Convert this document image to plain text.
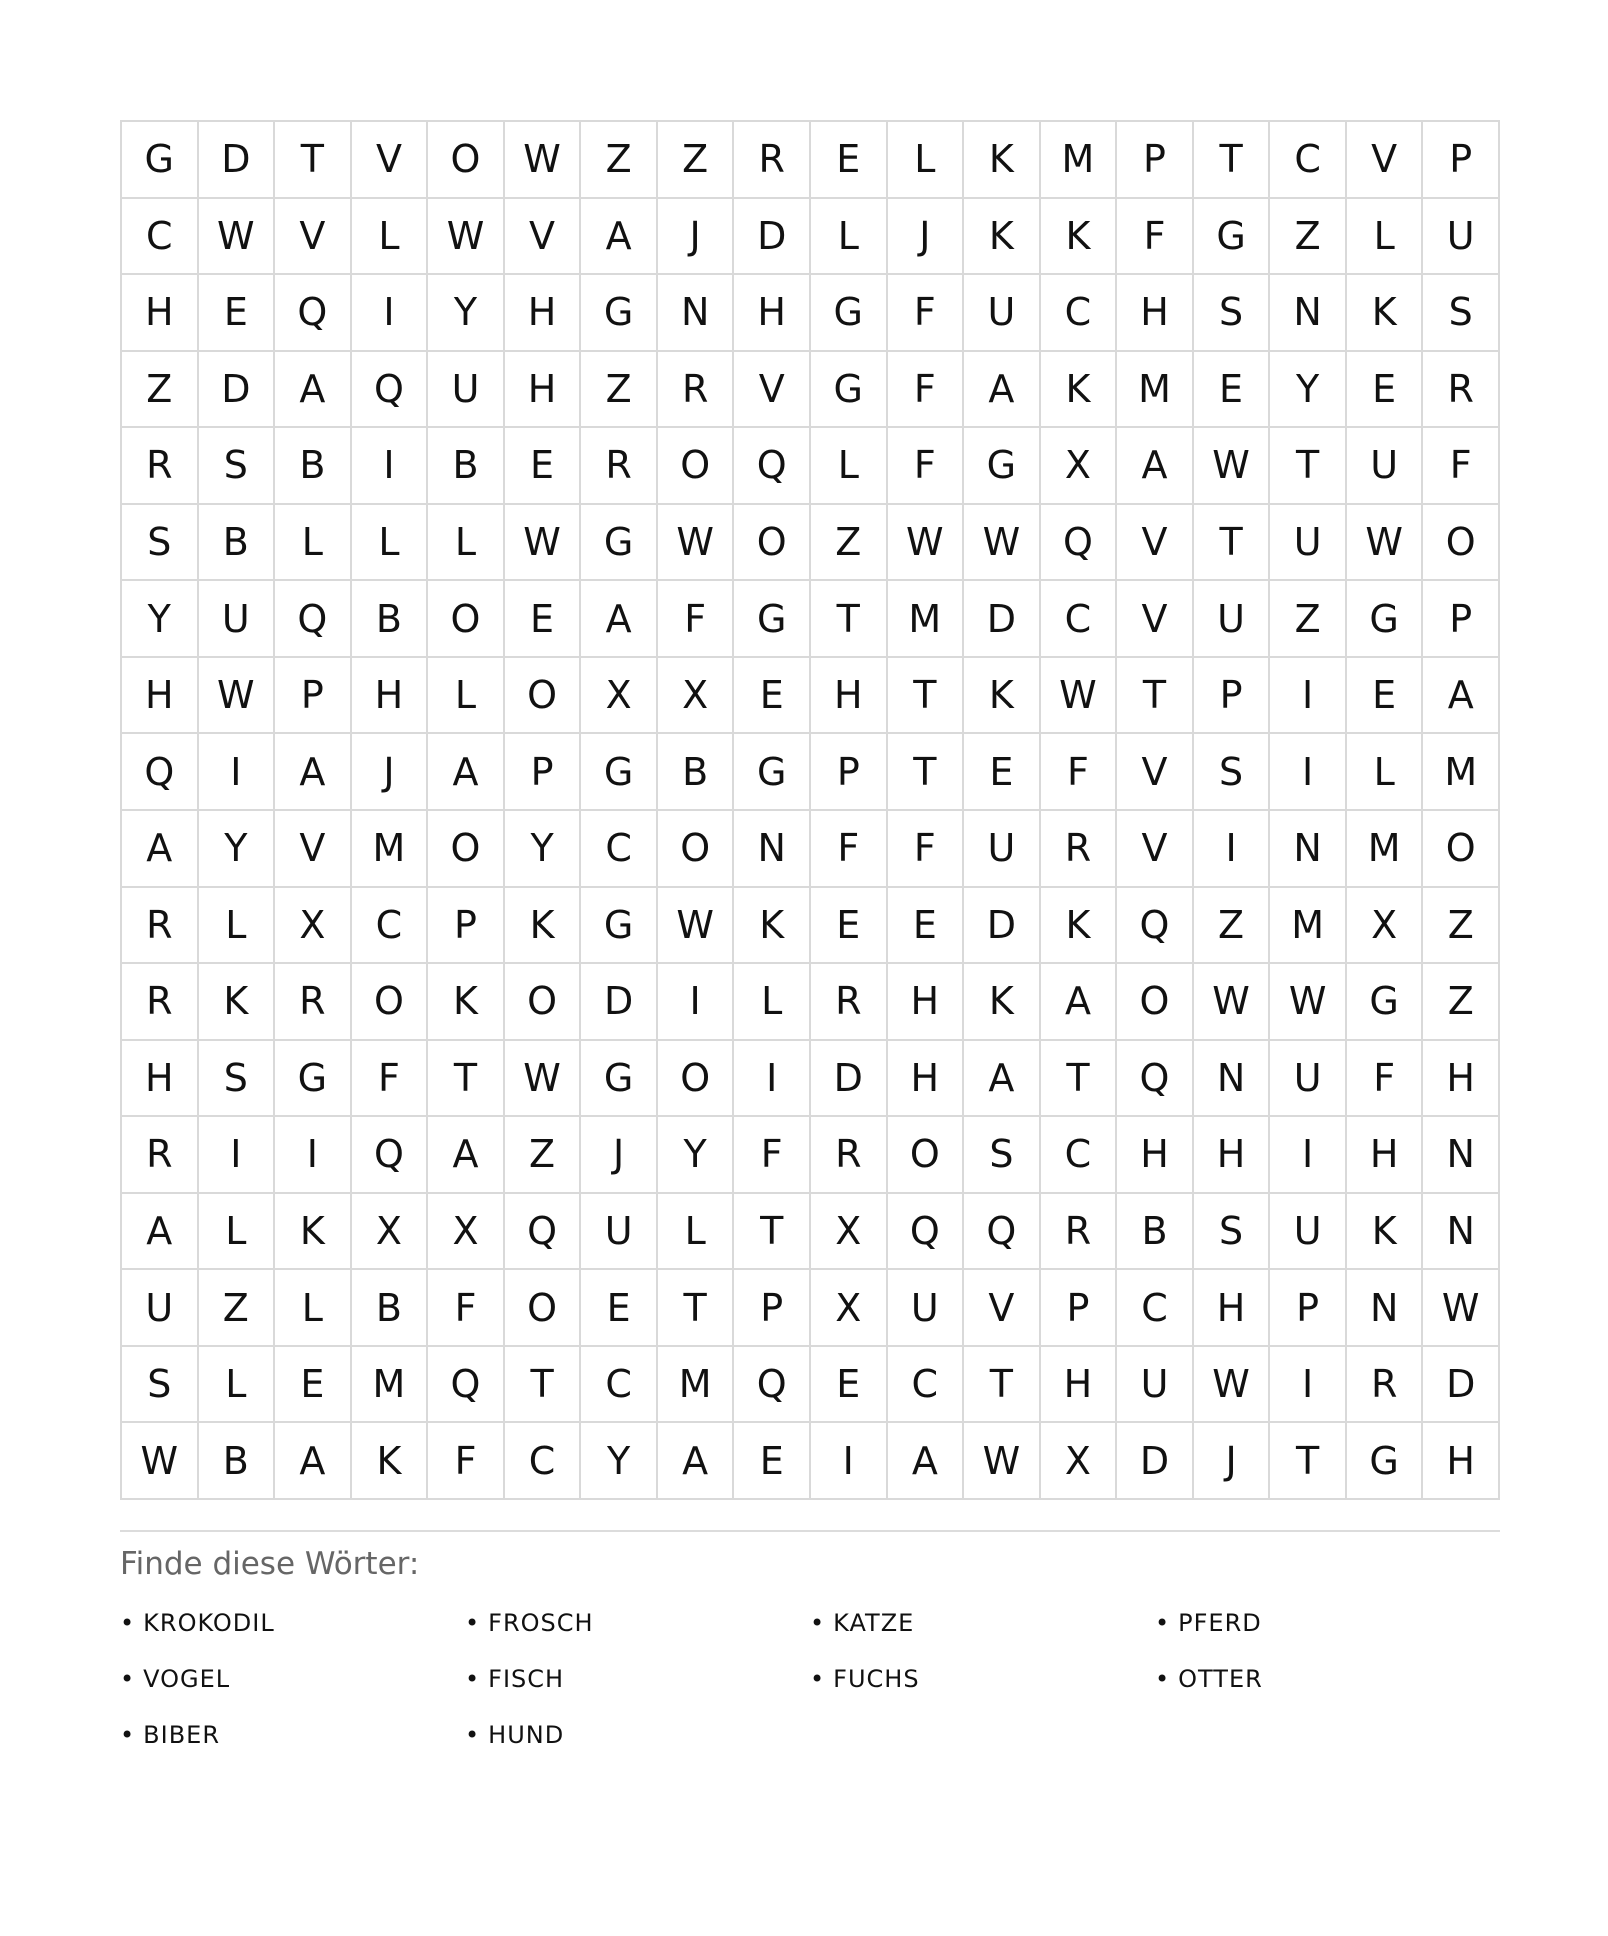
G	D	T	V	O	W	Z	Z	R	E	L	K	M	P	T	C	V	P
C	W	V	L	W	V	A	J	D	L	J	K	K	F	G	Z	L	U
H	E	Q	I	Y	H	G	N	H	G	F	U	C	H	S	N	K	S
Z	D	A	Q	U	H	Z	R	V	G	F	A	K	M	E	Y	E	R
R	S	B	I	B	E	R	O	Q	L	F	G	X	A	W	T	U	F
S	B	L	L	L	W	G	W	O	Z	W	W	Q	V	T	U	W	O
Y	U	Q	B	O	E	A	F	G	T	M	D	C	V	U	Z	G	P
H	W	P	H	L	O	X	X	E	H	T	K	W	T	P	I	E	A
Q	I	A	J	A	P	G	B	G	P	T	E	F	V	S	I	L	M
A	Y	V	M	O	Y	C	O	N	F	F	U	R	V	I	N	M	O
R	L	X	C	P	K	G	W	K	E	E	D	K	Q	Z	M	X	Z
R	K	R	O	K	O	D	I	L	R	H	K	A	O	W	W	G	Z
H	S	G	F	T	W	G	O	I	D	H	A	T	Q	N	U	F	H
R	I	I	Q	A	Z	J	Y	F	R	O	S	C	H	H	I	H	N
A	L	K	X	X	Q	U	L	T	X	Q	Q	R	B	S	U	K	N
U	Z	L	B	F	O	E	T	P	X	U	V	P	C	H	P	N	W
S	L	E	M	Q	T	C	M	Q	E	C	T	H	U	W	I	R	D
W	B	A	K	F	C	Y	A	E	I	A	W	X	D	J	T	G	H
Finde diese Wörter:
• KROKODIL	• FROSCH	• KATZE	• PFERD
• VOGEL	• FISCH	• FUCHS	• OTTER
• BIBER	• HUND
